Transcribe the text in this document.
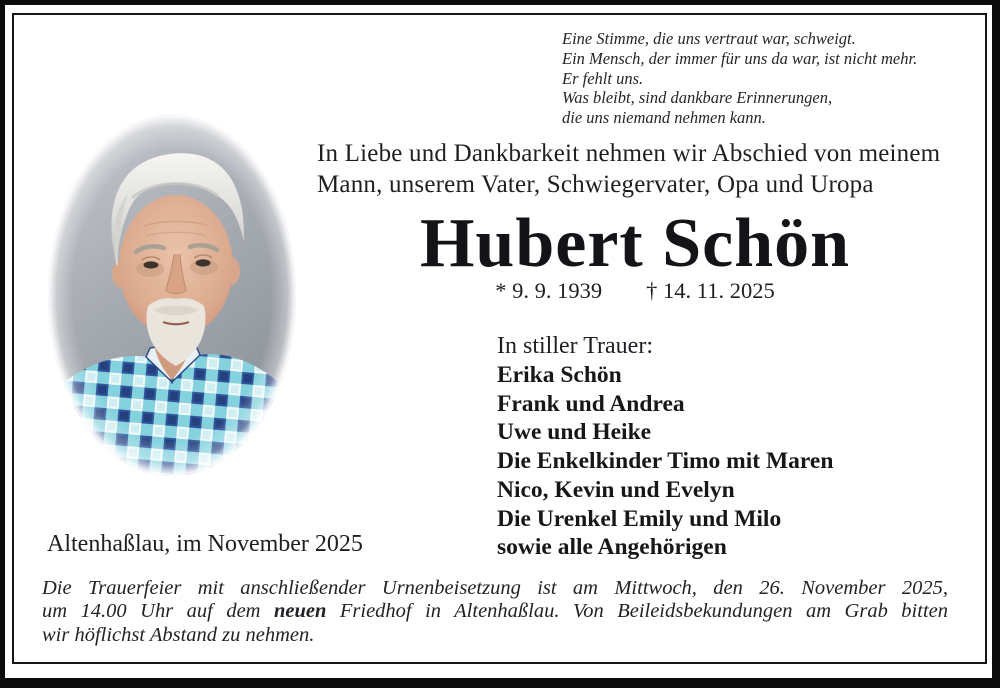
Eine Stimme, die uns vertraut war, schweigt.
Ein Mensch, der immer für uns da war, ist nicht mehr.
Er fehlt uns.
Was bleibt, sind dankbare Erinnerungen,
die uns niemand nehmen kann.
In Liebe und Dankbarkeit nehmen wir Abschied von meinem
Mann, unserem Vater, Schwiegervater, Opa und Uropa
Hubert Schön
* 9. 9. 1939 † 14. 11. 2025
In stiller Trauer:
Erika Schön
Frank und Andrea
Uwe und Heike
Die Enkelkinder Timo mit Maren
Nico, Kevin und Evelyn
Die Urenkel Emily und Milo
sowie alle Angehörigen
Altenhaßlau, im November 2025
Die Trauerfeier mit anschließender Urnenbeisetzung ist am Mittwoch, den 26. November 2025,
um 14.00 Uhr auf dem neuen Friedhof in Altenhaßlau. Von Beileidsbekundungen am Grab bitten
wir höflichst Abstand zu nehmen.
